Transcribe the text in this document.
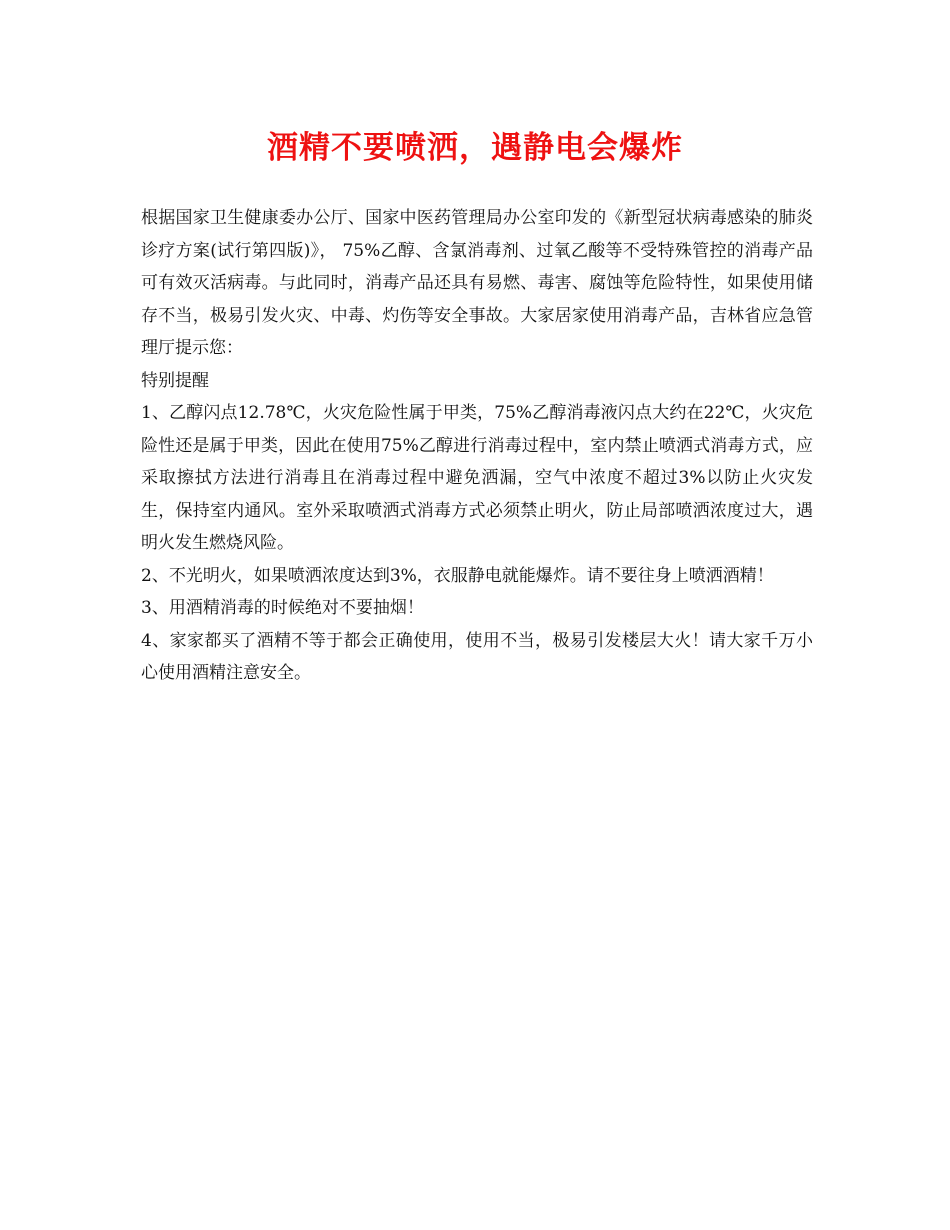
酒精不要喷洒，遇静电会爆炸

根据国家卫生健康委办公厅、国家中医药管理局办公室印发的《新型冠状病毒感染的肺炎诊疗方案(试行第四版)》， 75%乙醇、含氯消毒剂、过氧乙酸等不受特殊管控的消毒产品可有效灭活病毒。与此同时，消毒产品还具有易燃、毒害、腐蚀等危险特性，如果使用储存不当，极易引发火灾、中毒、灼伤等安全事故。大家居家使用消毒产品，吉林省应急管理厅提示您：

特别提醒

1、乙醇闪点12.78℃，火灾危险性属于甲类，75%乙醇消毒液闪点大约在22℃，火灾危险性还是属于甲类，因此在使用75%乙醇进行消毒过程中，室内禁止喷洒式消毒方式，应采取擦拭方法进行消毒且在消毒过程中避免洒漏，空气中浓度不超过3%以防止火灾发生，保持室内通风。室外采取喷洒式消毒方式必须禁止明火，防止局部喷洒浓度过大，遇明火发生燃烧风险。

2、不光明火，如果喷洒浓度达到3%，衣服静电就能爆炸。请不要往身上喷洒酒精！

3、用酒精消毒的时候绝对不要抽烟！

4、家家都买了酒精不等于都会正确使用，使用不当，极易引发楼层大火！请大家千万小心使用酒精注意安全。
